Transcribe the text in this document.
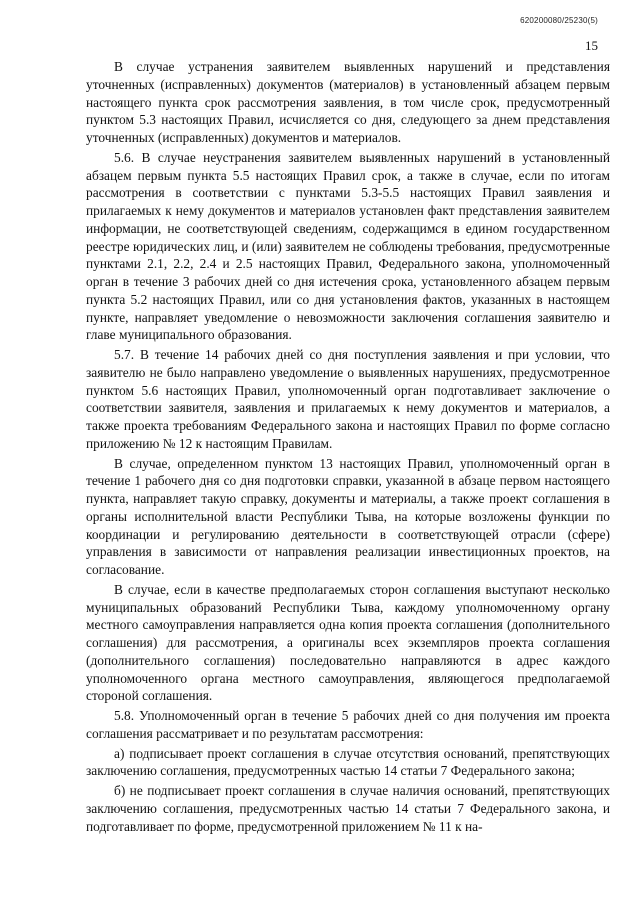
620200080/25230(5)
15

В случае устранения заявителем выявленных нарушений и представления уточненных (исправленных) документов (материалов) в установленный абзацем первым настоящего пункта срок рассмотрения заявления, в том числе срок, предусмотренный пунктом 5.3 настоящих Правил, исчисляется со дня, следующего за днем представления уточненных (исправленных) документов и материалов.

5.6. В случае неустранения заявителем выявленных нарушений в установленный абзацем первым пункта 5.5 настоящих Правил срок, а также в случае, если по итогам рассмотрения в соответствии с пунктами 5.3-5.5 настоящих Правил заявления и прилагаемых к нему документов и материалов установлен факт представления заявителем информации, не соответствующей сведениям, содержащимся в едином государственном реестре юридических лиц, и (или) заявителем не соблюдены требования, предусмотренные пунктами 2.1, 2.2, 2.4 и 2.5 настоящих Правил, Федерального закона, уполномоченный орган в течение 3 рабочих дней со дня истечения срока, установленного абзацем первым пункта 5.2 настоящих Правил, или со дня установления фактов, указанных в настоящем пункте, направляет уведомление о невозможности заключения соглашения заявителю и главе муниципального образования.

5.7. В течение 14 рабочих дней со дня поступления заявления и при условии, что заявителю не было направлено уведомление о выявленных нарушениях, предусмотренное пунктом 5.6 настоящих Правил, уполномоченный орган подготавливает заключение о соответствии заявителя, заявления и прилагаемых к нему документов и материалов, а также проекта требованиям Федерального закона и настоящих Правил по форме согласно приложению № 12 к настоящим Правилам.

В случае, определенном пунктом 13 настоящих Правил, уполномоченный орган в течение 1 рабочего дня со дня подготовки справки, указанной в абзаце первом настоящего пункта, направляет такую справку, документы и материалы, а также проект соглашения в органы исполнительной власти Республики Тыва, на которые возложены функции по координации и регулированию деятельности в соответствующей отрасли (сфере) управления в зависимости от направления реализации инвестиционных проектов, на согласование.

В случае, если в качестве предполагаемых сторон соглашения выступают несколько муниципальных образований Республики Тыва, каждому уполномоченному органу местного самоуправления направляется одна копия проекта соглашения (дополнительного соглашения) для рассмотрения, а оригиналы всех экземпляров проекта соглашения (дополнительного соглашения) последовательно направляются в адрес каждого уполномоченного органа местного самоуправления, являющегося предполагаемой стороной соглашения.

5.8. Уполномоченный орган в течение 5 рабочих дней со дня получения им проекта соглашения рассматривает и по результатам рассмотрения:

а) подписывает проект соглашения в случае отсутствия оснований, препятствующих заключению соглашения, предусмотренных частью 14 статьи 7 Федерального закона;

б) не подписывает проект соглашения в случае наличия оснований, препятствующих заключению соглашения, предусмотренных частью 14 статьи 7 Федерального закона, и подготавливает по форме, предусмотренной приложением № 11 к на-
